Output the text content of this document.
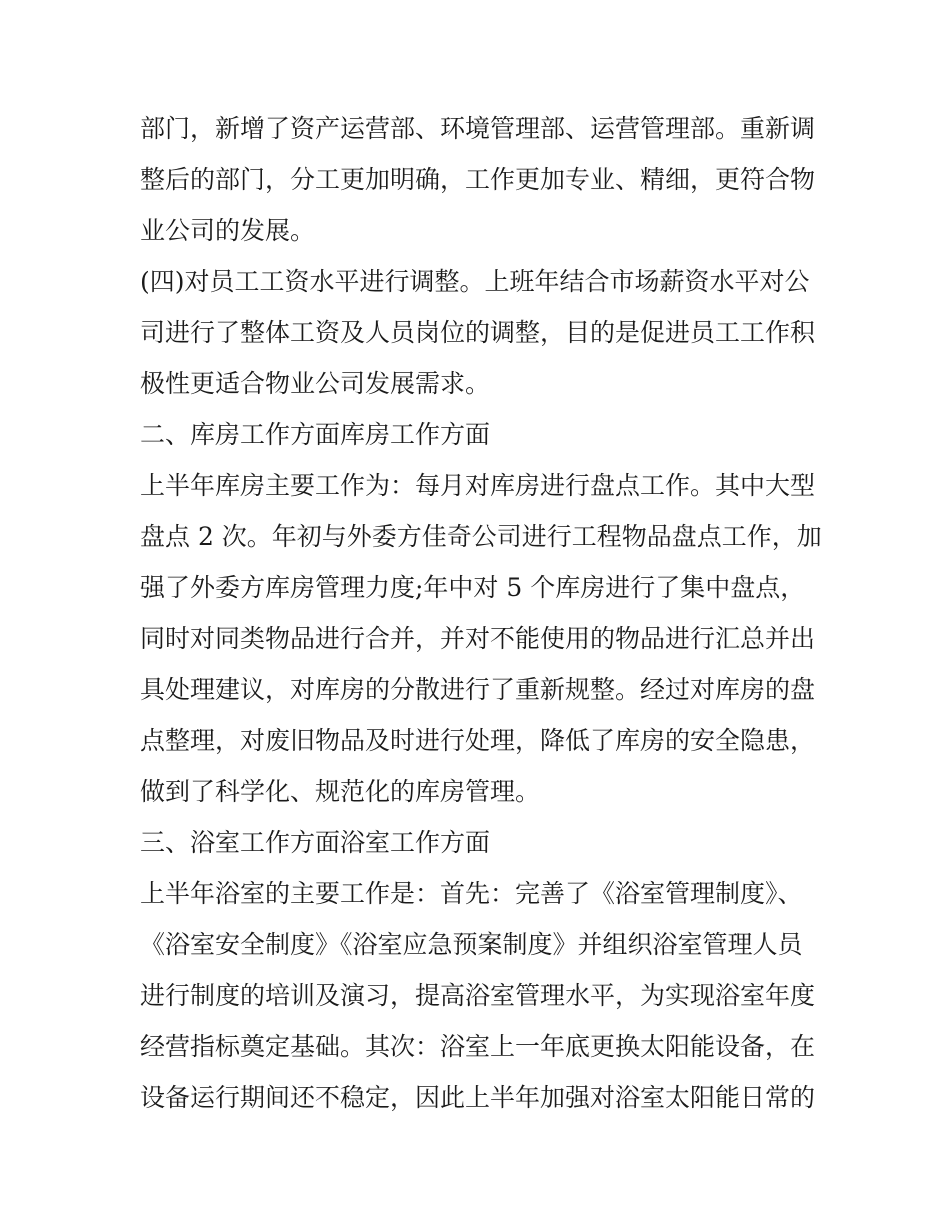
部门，新增了资产运营部、环境管理部、运营管理部。重新调
整后的部门，分工更加明确，工作更加专业、精细，更符合物
业公司的发展。
(四)对员工工资水平进行调整。上班年结合市场薪资水平对公
司进行了整体工资及人员岗位的调整，目的是促进员工工作积
极性更适合物业公司发展需求。
二、库房工作方面库房工作方面
上半年库房主要工作为：每月对库房进行盘点工作。其中大型
盘点 2 次。年初与外委方佳奇公司进行工程物品盘点工作，加
强了外委方库房管理力度;年中对 5 个库房进行了集中盘点，
同时对同类物品进行合并，并对不能使用的物品进行汇总并出
具处理建议，对库房的分散进行了重新规整。经过对库房的盘
点整理，对废旧物品及时进行处理，降低了库房的安全隐患，
做到了科学化、规范化的库房管理。
三、浴室工作方面浴室工作方面
上半年浴室的主要工作是：首先：完善了《浴室管理制度》、
《浴室安全制度》《浴室应急预案制度》并组织浴室管理人员
进行制度的培训及演习，提高浴室管理水平，为实现浴室年度
经营指标奠定基础。其次：浴室上一年底更换太阳能设备，在
设备运行期间还不稳定，因此上半年加强对浴室太阳能日常的
